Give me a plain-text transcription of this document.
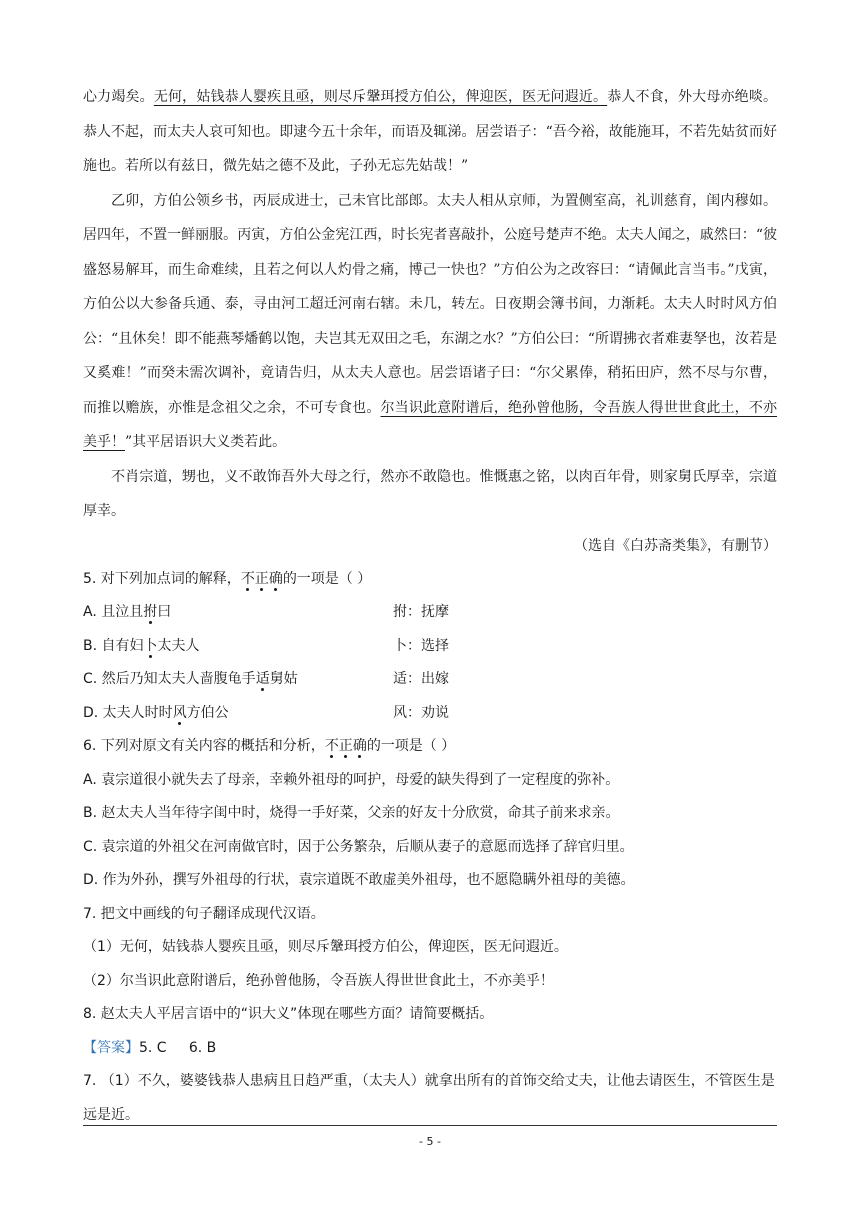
心力竭矣。无何，姑钱恭人婴疾且亟，则尽斥鞶珥授方伯公，俾迎医，医无问遐近。恭人不食，外大母亦绝啖。恭人不起，而太夫人哀可知也。即逮今五十余年，而语及辄涕。居尝语子：“吾今裕，故能施耳，不若先姑贫而好施也。若所以有兹日，微先姑之德不及此，子孙无忘先姑哉！”

乙卯，方伯公领乡书，丙辰成进士，己未官比部郎。太夫人相从京师，为置侧室高，礼训慈育，闺内穆如。居四年，不置一鲜丽服。丙寅，方伯公金宪江西，时长宪者喜敲扑，公庭号楚声不绝。太夫人闻之，戚然曰：“彼盛怒易解耳，而生命难续，且若之何以人灼骨之痛，博己一快也？”方伯公为之改容曰：“请佩此言当韦。”戊寅，方伯公以大参备兵通、泰，寻由河工超迁河南右辖。未几，转左。日夜期会簿书间，力渐耗。太夫人时时风方伯公：“且休矣！即不能燕琴燔鹤以饱，夫岂其无双田之毛，东湖之水？”方伯公曰：“所谓拂衣者难妻孥也，汝若是又奚难！”而癸未需次调补，竟请告归，从太夫人意也。居尝语诸子曰：“尔父累俸，稍拓田庐，然不尽与尔曹，而推以赡族，亦惟是念祖父之余，不可专食也。尔当识此意附谱后，绝孙曾他肠，令吾族人得世世食此土，不亦美乎！”其平居语识大义类若此。

不肖宗道，甥也，义不敢饰吾外大母之行，然亦不敢隐也。惟慨惠之铭，以肉百年骨，则家舅氏厚幸，宗道厚幸。

（选自《白苏斋类集》，有删节）

5. 对下列加点词的解释，不正确的一项是（ ）

A. 且泣且拊曰	拊：抚摩
B. 自有妇卜太夫人	卜：选择
C. 然后乃知太夫人啬腹龟手适舅姑	适：出嫁
D. 太夫人时时风方伯公	风：劝说

6. 下列对原文有关内容的概括和分析，不正确的一项是（ ）

A. 袁宗道很小就失去了母亲，幸赖外祖母的呵护，母爱的缺失得到了一定程度的弥补。

B. 赵太夫人当年待字闺中时，烧得一手好菜，父亲的好友十分欣赏，命其子前来求亲。

C. 袁宗道的外祖父在河南做官时，因于公务繁杂，后顺从妻子的意愿而选择了辞官归里。

D. 作为外孙，撰写外祖母的行状，袁宗道既不敢虚美外祖母，也不愿隐瞒外祖母的美德。

7. 把文中画线的句子翻译成现代汉语。

（1）无何，姑钱恭人婴疾且亟，则尽斥鞶珥授方伯公，俾迎医，医无问遐近。

（2）尔当识此意附谱后，绝孙曾他肠，令吾族人得世世食此土，不亦美乎！

8. 赵太夫人平居言语中的“识大义”体现在哪些方面？请简要概括。

【答案】5. C 6. B

7. （1）不久，婆婆钱恭人患病且日趋严重，（太夫人）就拿出所有的首饰交给丈夫，让他去请医生，不管医生是远是近。

- 5 -
